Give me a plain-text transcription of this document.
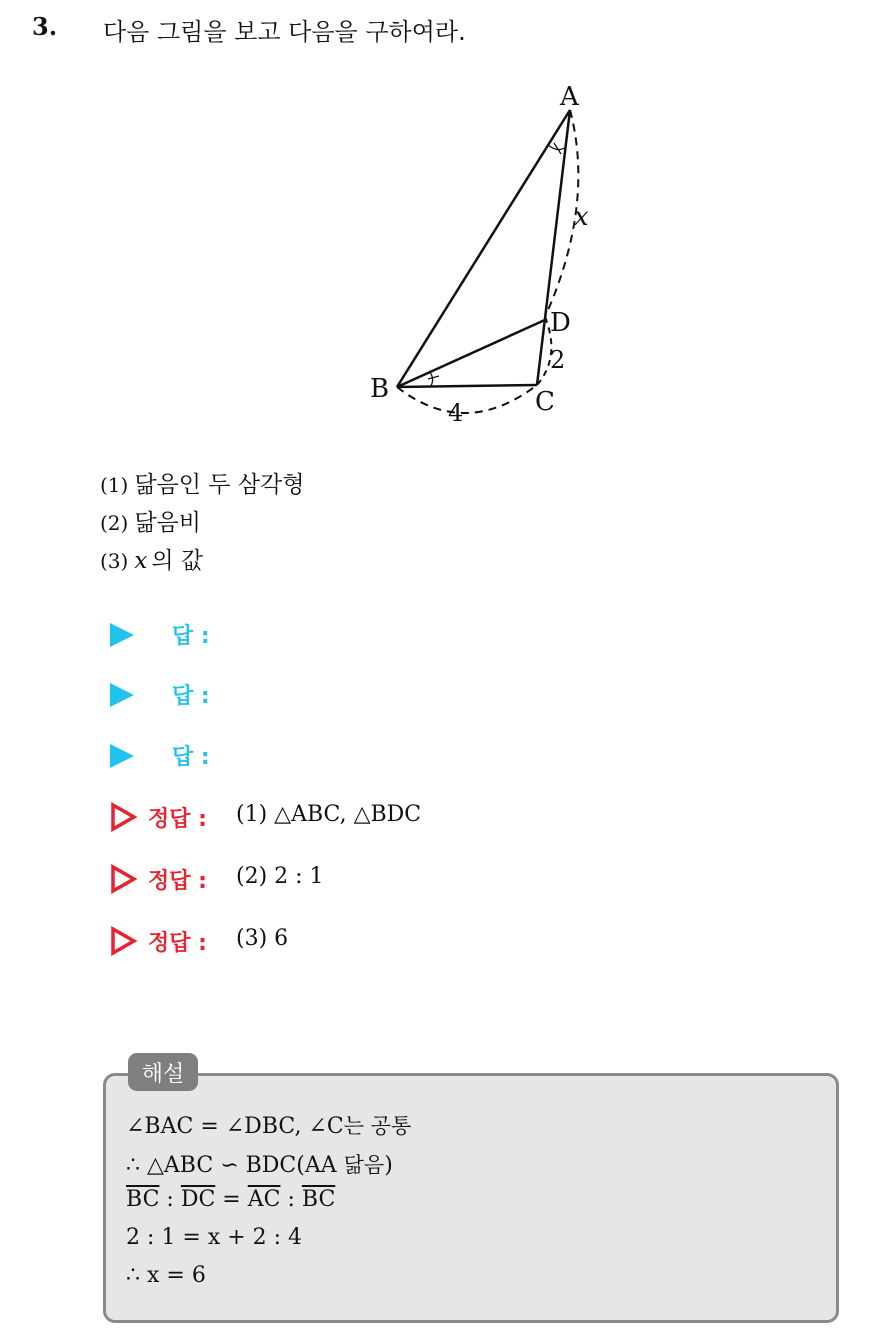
3. 다음 그림을 보고 다음을 구하여라.
A
B	C
D
x
2
4
(1) 닮음인 두 삼각형
(2) 닮음비
(3) x 의 값
답 :
답 :
답 :
정답 : (1) △ABC, △BDC
정답 : (2) 2 : 1
정답 : (3) 6
해설
∠BAC = ∠DBC, ∠C는 공통
∴ △ABC ∽ BDC(AA 닮음)
$\overline{BC}$ : $\overline{DC} = \overline{AC}$ : $\overline{BC}$
2 : 1 = x + 2 : 4
∴ x = 6
